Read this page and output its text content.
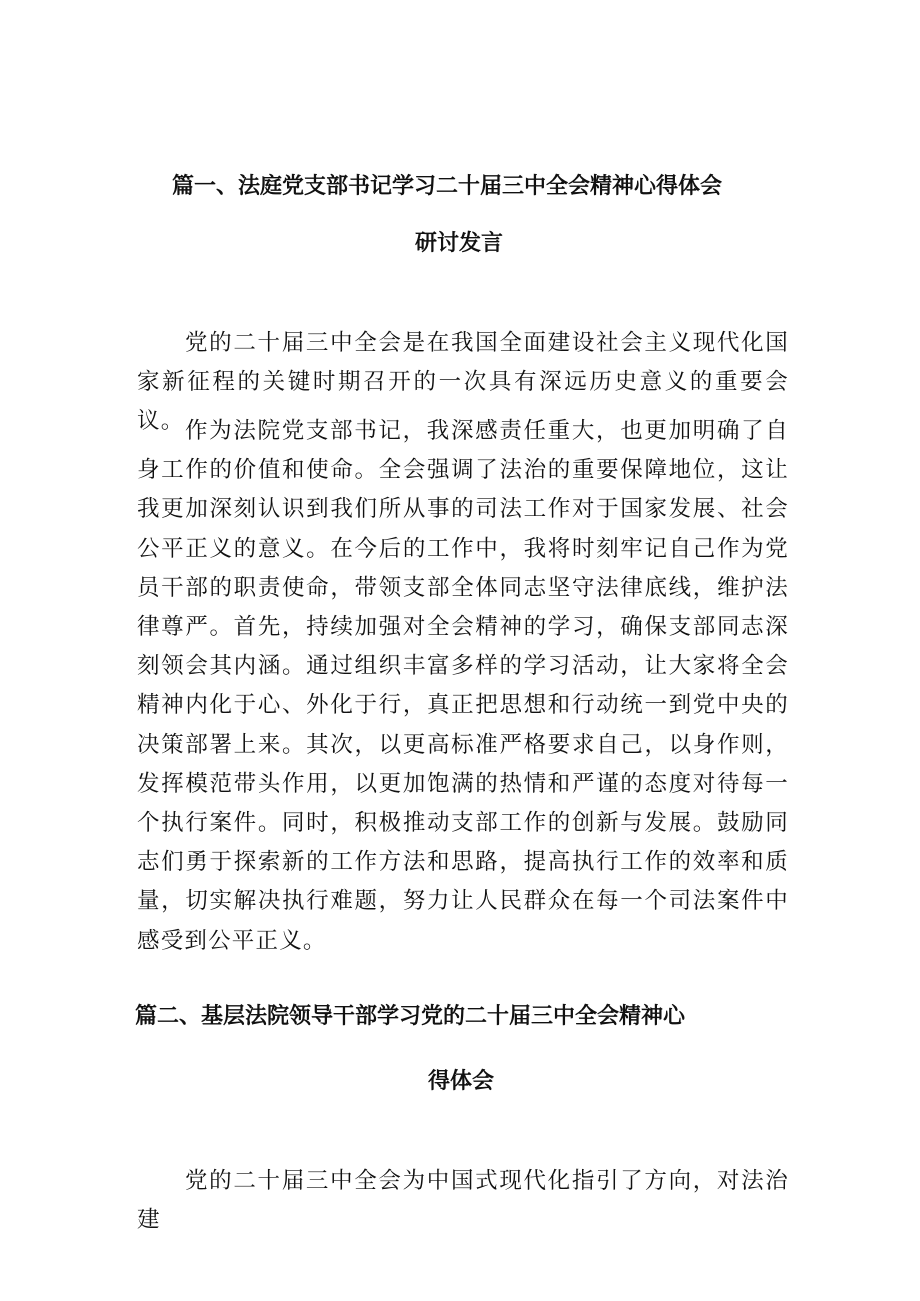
篇一、法庭党支部书记学习二十届三中全会精神心得体会
研讨发言

党的二十届三中全会是在我国全面建设社会主义现代化国家新征程的关键时期召开的一次具有深远历史意义的重要会议。 作为法院党支部书记，我深感责任重大，也更加明确了自身工作的价值和使命。全会强调了法治的重要保障地位，这让我更加深刻认识到我们所从事的司法工作对于国家发展、社会公平正义的意义。在今后的工作中，我将时刻牢记自己作为党员干部的职责使命，带领支部全体同志坚守法律底线，维护法律尊严。首先，持续加强对全会精神的学习，确保支部同志深刻领会其内涵。通过组织丰富多样的学习活动，让大家将全会精神内化于心、外化于行，真正把思想和行动统一到党中央的决策部署上来。其次，以更高标准严格要求自己，以身作则，发挥模范带头作用，以更加饱满的热情和严谨的态度对待每一个执行案件。同时，积极推动支部工作的创新与发展。鼓励同志们勇于探索新的工作方法和思路，提高执行工作的效率和质量，切实解决执行难题，努力让人民群众在每一个司法案件中感受到公平正义。

篇二、基层法院领导干部学习党的二十届三中全会精神心
得体会

党的二十届三中全会为中国式现代化指引了方向，对法治建
